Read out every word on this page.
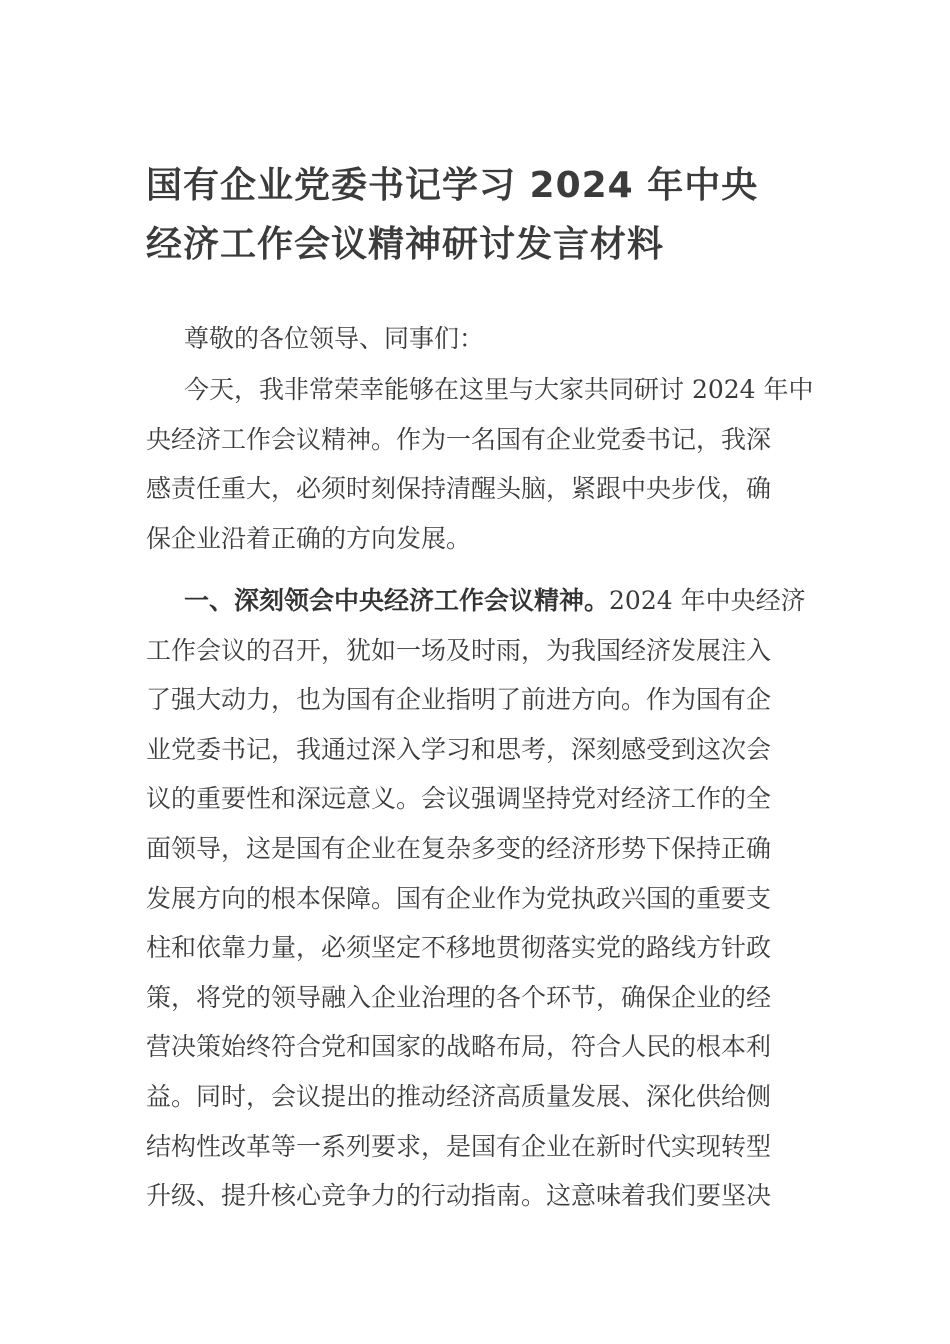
国有企业党委书记学习 2024 年中央
经济工作会议精神研讨发言材料

尊敬的各位领导、同事们：

今天，我非常荣幸能够在这里与大家共同研讨 2024 年中
央经济工作会议精神。作为一名国有企业党委书记，我深
感责任重大，必须时刻保持清醒头脑，紧跟中央步伐，确
保企业沿着正确的方向发展。

一、深刻领会中央经济工作会议精神。2024 年中央经济
工作会议的召开，犹如一场及时雨，为我国经济发展注入
了强大动力，也为国有企业指明了前进方向。作为国有企
业党委书记，我通过深入学习和思考，深刻感受到这次会
议的重要性和深远意义。会议强调坚持党对经济工作的全
面领导，这是国有企业在复杂多变的经济形势下保持正确
发展方向的根本保障。国有企业作为党执政兴国的重要支
柱和依靠力量，必须坚定不移地贯彻落实党的路线方针政
策，将党的领导融入企业治理的各个环节，确保企业的经
营决策始终符合党和国家的战略布局，符合人民的根本利
益。同时，会议提出的推动经济高质量发展、深化供给侧
结构性改革等一系列要求，是国有企业在新时代实现转型
升级、提升核心竞争力的行动指南。这意味着我们要坚决
